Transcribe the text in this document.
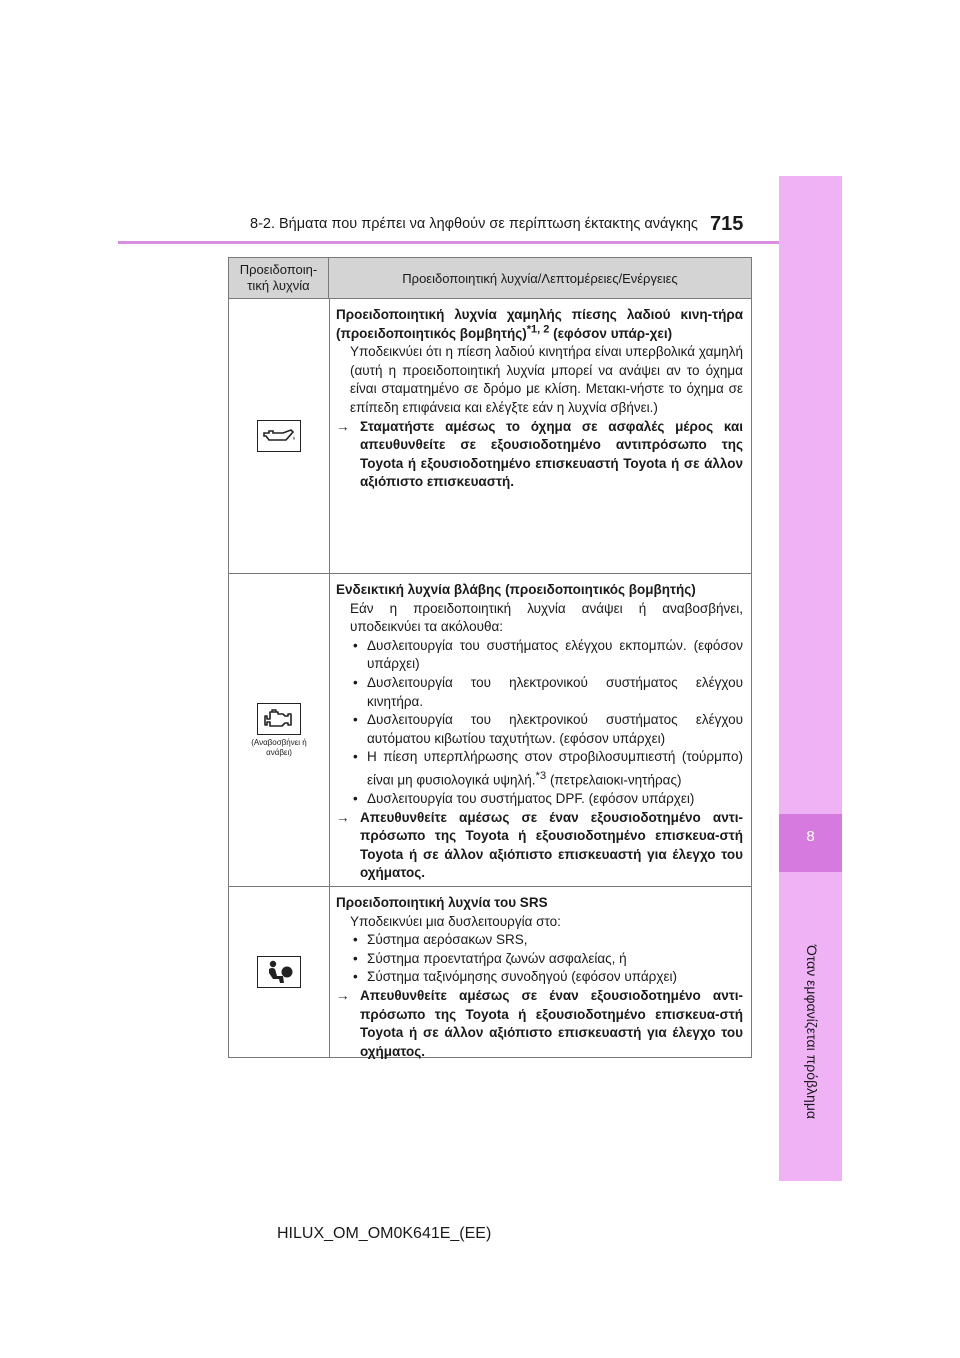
8-2. Βήματα που πρέπει να ληφθούν σε περίπτωση έκτακτης ανάγκης 715
8
Όταν εμφανίζεται πρόβλημα
Προειδοποιη-τική λυχνία	Προειδοποιητική λυχνία/Λεπτομέρειες/Ενέργειες
Προειδοποιητική λυχνία χαμηλής πίεσης λαδιού κινη-τήρα (προειδοποιητικός βομβητής)$^{*1, 2}$ (εφόσον υπάρ-χει)
Υποδεικνύει ότι η πίεση λαδιού κινητήρα είναι υπερβολικά χαμηλή (αυτή η προειδοποιητική λυχνία μπορεί να ανάψει αν το όχημα είναι σταματημένο σε δρόμο με κλίση. Μετακι-νήστε το όχημα σε επίπεδη επιφάνεια και ελέγξτε εάν η λυχνία σβήνει.)
→ Σταματήστε αμέσως το όχημα σε ασφαλές μέρος και απευθυνθείτε σε εξουσιοδοτημένο αντιπρόσωπο της Toyota ή εξουσιοδοτημένο επισκευαστή Toyota ή σε άλλον αξιόπιστο επισκευαστή.
(Αναβοσβήνει ή ανάβει)
Ενδεικτική λυχνία βλάβης (προειδοποιητικός βομβητής)
Εάν η προειδοποιητική λυχνία ανάψει ή αναβοσβήνει, υποδεικνύει τα ακόλουθα:
• Δυσλειτουργία του συστήματος ελέγχου εκπομπών. (εφόσον υπάρχει)
• Δυσλειτουργία του ηλεκτρονικού συστήματος ελέγχου κινητήρα.
• Δυσλειτουργία του ηλεκτρονικού συστήματος ελέγχου αυτόματου κιβωτίου ταχυτήτων. (εφόσον υπάρχει)
• Η πίεση υπερπλήρωσης στον στροβιλοσυμπιεστή (τούρμπο) είναι μη φυσιολογικά υψηλή.$^{*3}$ (πετρελαιοκι-νητήρας)
• Δυσλειτουργία του συστήματος DPF. (εφόσον υπάρχει)
→ Απευθυνθείτε αμέσως σε έναν εξουσιοδοτημένο αντι-πρόσωπο της Toyota ή εξουσιοδοτημένο επισκευα-στή Toyota ή σε άλλον αξιόπιστο επισκευαστή για έλεγχο του οχήματος.
Προειδοποιητική λυχνία του SRS
Υποδεικνύει μια δυσλειτουργία στο:
• Σύστημα αερόσακων SRS,
• Σύστημα προεντατήρα ζωνών ασφαλείας, ή
• Σύστημα ταξινόμησης συνοδηγού (εφόσον υπάρχει)
→ Απευθυνθείτε αμέσως σε έναν εξουσιοδοτημένο αντι-πρόσωπο της Toyota ή εξουσιοδοτημένο επισκευα-στή Toyota ή σε άλλον αξιόπιστο επισκευαστή για έλεγχο του οχήματος.
HILUX_OM_OM0K641E_(EE)
